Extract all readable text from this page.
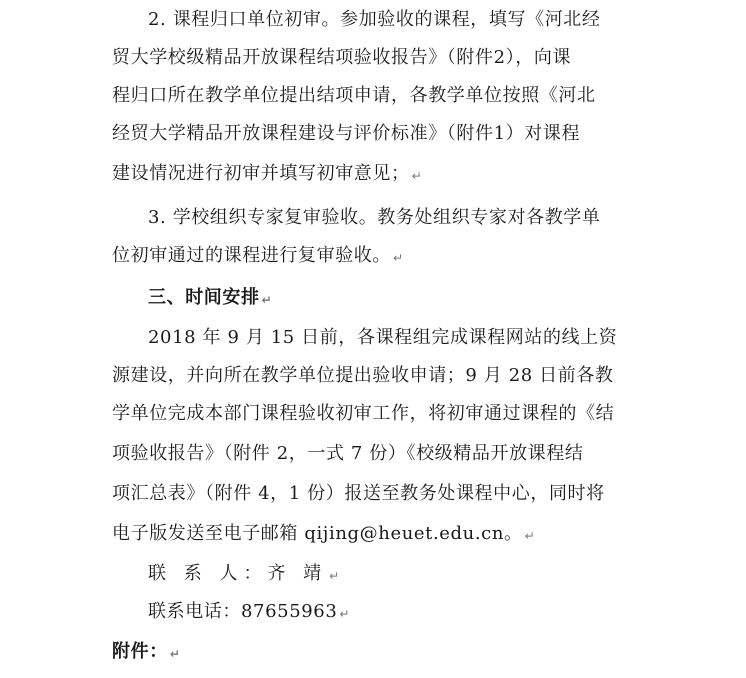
2. 课程归口单位初审。参加验收的课程，填写《河北经
贸大学校级精品开放课程结项验收报告》（附件2），向课
程归口所在教学单位提出结项申请，各教学单位按照《河北
经贸大学精品开放课程建设与评价标准》（附件1）对课程
建设情况进行初审并填写初审意见； ↵
3. 学校组织专家复审验收。教务处组织专家对各教学单
位初审通过的课程进行复审验收。 ↵
三、时间安排 ↵
2018 年 9 月 15 日前，各课程组完成课程网站的线上资
源建设，并向所在教学单位提出验收申请；9 月 28 日前各教
学单位完成本部门课程验收初审工作，将初审通过课程的《结
项验收报告》（附件 2，一式 7 份）《校级精品开放课程结
项汇总表》（附件 4，1 份）报送至教务处课程中心，同时将
电子版发送至电子邮箱 qijing@heuet.edu.cn。 ↵
联 系 人：齐 靖 ↵
联系电话：87655963 ↵
附件： ↵
